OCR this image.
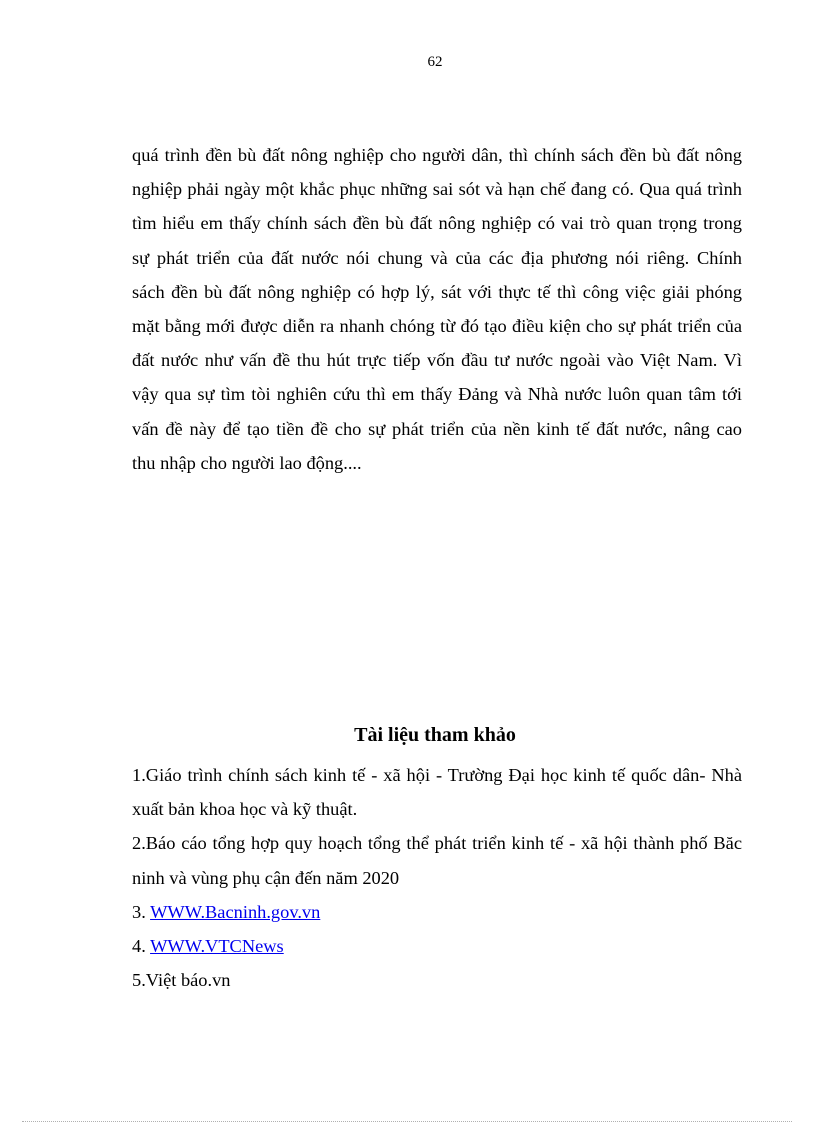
62

quá trình đền bù đất nông nghiệp cho người dân, thì chính sách đền bù đất nông
nghiệp phải ngày một khắc phục những sai sót và hạn chế đang có. Qua quá trình
tìm hiểu em thấy chính sách đền bù đất nông nghiệp có vai trò quan trọng trong
sự phát triển của đất nước nói chung và của các địa phương nói riêng. Chính
sách đền bù đất nông nghiệp có hợp lý, sát với thực tế thì công việc giải phóng
mặt bằng mới được diễn ra nhanh chóng từ đó tạo điều kiện cho sự phát triển của
đất nước như vấn đề thu hút trực tiếp vốn đầu tư nước ngoài vào Việt Nam. Vì
vậy qua sự tìm tòi nghiên cứu thì em thấy Đảng và Nhà nước luôn quan tâm tới
vấn đề này để tạo tiền đề cho sự phát triển của nền kinh tế đất nước, nâng cao
thu nhập cho người lao động....

Tài liệu tham khảo
1.Giáo trình chính sách kinh tế - xã hội - Trường Đại học kinh tế quốc dân- Nhà
xuất bản khoa học và kỹ thuật.
2.Báo cáo tổng hợp quy hoạch tổng thể phát triển kinh tế - xã hội thành phố Băc
ninh và vùng phụ cận đến năm 2020
3. WWW.Bacninh.gov.vn
4. WWW.VTCNews
5.Việt báo.vn
